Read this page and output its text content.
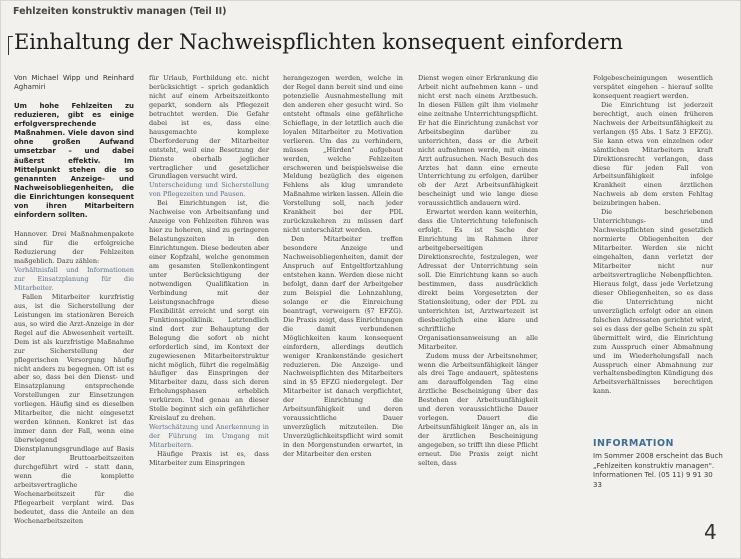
Fehlzeiten konstruktiv managen (Teil II)
Einhaltung der Nachweispflichten konsequent einfordern
Von Michael Wipp und Reinhard Aghamiri
Um hohe Fehlzeiten zu reduzieren, gibt es einige erfolgversprechende Maßnahmen. Viele davon sind ohne großen Aufwand umsetzbar – und dabei äußerst effektiv. Im Mittelpunkt stehen die so genannten Anzeige- und Nachweisobliegenheiten, die die Einrichtungen konsequent von ihren Mitarbeitern einfordern sollten.

Hannover. Drei Maßnahmenpakete sind für die erfolgreiche Reduzierung der Fehlzeiten maßgeblich. Dazu zählen:

Verhältnisfall und Informationen zur Einsatzplanung für die Mitarbeiter.

Fallen Mitarbeiter kurzfristig aus, ist die Sicherstellung der Leistungen im stationären Bereich aus, so wird die Arzt-Anzeige in der Regel auf die Abwesenheit verteilt. Dem ist als kurzfristige Maßnahme zur Sicherstellung der pflegerischen Versorgung häufig nicht anders zu begegnen. Oft ist es aber so, dass bei den Dienst- und Einsatzplanung entsprechende Vorstellungen zur Einsetzungen vorliegen. Häufig sind es dieselben Mitarbeiter, die nicht eingesetzt werden können. Konkret ist das immer dann der Fall, wenn eine überwiegend Dienstplanungsgrundlage auf Basis der Bruttoarbeitszeiten durchgeführt wird – statt dann, wenn die komplette arbeitsvertragliche Wochenarbeitszeit für die Pflegearbeit verplant wird. Das bedeutet, dass die Anteile an den Wochenarbeitszeiten

für Urlaub, Fortbildung etc. nicht berücksichtigt – sprich gedanklich nicht auf einem Arbeitszeitkonto geparkt, sondern als Pflegezeit betrachtet werden. Die Gefahr dabei ist es, dass eine hausgemachte komplexe Überforderung der Mitarbeiter entsteht, weil eine Besetzung der Dienste oberhalb jeglicher vertraglicher und gesetzlicher Grundlagen versucht wird.

Unterscheidung und Sicherstellung von Pflegezeiten und Pausen.

Bei Einrichtungen ist, die Nachweise von Arbeitsanfang und Anzeige von Fehlzeiten führen was hier zu hoheren, sind zu geringeren Belastungszeiten in den Einrichtungen. Diese bedeuten aber einer Kopfzahl, welche genommen am gesamten Stellenkontingent unter Berücksichtigung der notwendigen Qualifikation in Verbindung mit der Leistungsnachfrage diese Flexibilität erreicht und sorgt ein Funktionspoliklinik. Letztendlich sind dort zur Behauptung der Belegung die sofort ob nicht erforderlich sind, im Kontext der zugewiesenen Mitarbeiterstruktur nicht möglich, führt die regelmäßig häufiger das Einspringen der Mitarbeiter dazu, dass sich deren Erholungsphasen erheblich verkürzen. Und genau an dieser Stelle beginnt sich ein gefährlicher Kreislauf zu drehen.

Wertschätzung und Anerkennung in der Führung im Umgang mit Mitarbeitern.

Häufige Praxis ist es, dass Mitarbeiter zum Einspringen

herangezogen werden, welche in der Regel dann bereit sind und eine potenzielle Ausnahmestellung mit den anderen eher gesucht wird. So entsteht oftmals eine gefährliche Schieflage, in der letztlich auch die loyalen Mitarbeiter zu Motivation verlieren. Um das zu verhindern, müssen „Hürden" aufgebaut werden, welche Fehlzeiten erschweren und beispielsweise die Meldung bezüglich des eigenen Fehlens als klug umrandete Maßnahme wirken lassen. Allein die Vorstellung soll, nach jeder Krankheit bei der PDL zurückzukehren zu müssen darf nicht unterschätzt werden.

Den Mitarbeiter treffen besondere Anzeige und Nachweisobliegenheiten, damit der Anspruch auf Entgeltfortzahlung entstehen kann. Werden diese nicht befolgt, dann darf der Arbeitgeber zum Beispiel die Lohnzahlung, solange er die Einreichung beantragt, verweigern (§7 EFZG). Die Praxis zeigt, dass Einrichtungen die damit verbundenen Möglichkeiten kaum konsequent einfordern, allerdings deutlich weniger Krankenstände gesichert reduzieren. Die Anzeige- und Nachweispflichten des Mitarbeiters sind in §5 EFZG niedergelegt. Der Mitarbeiter ist danach verpflichtet, der Einrichtung die Arbeitsunfähigkeit und deren voraussichtliche Dauer unverzüglich mitzuteilen. Die Unverzüglichkeitspflicht wird somit in den Morgenstunden erwartet, in der Mitarbeiter den ersten

Dienst wegen einer Erkrankung die Arbeit nicht aufnehmen kann – und nicht erst nach einem Arztbesuch. In diesen Fällen gilt ihm vielmehr eine zeitnahe Unterrichtungspflicht. Er hat die Einrichtung zunächst vor Arbeitsbeginn darüber zu unterrichten, dass er die Arbeit nicht aufnehmen werde, mit einem Arzt aufzusuchen. Nach Besuch des Arztes hat dann eine erneute Unterrichtung zu erfolgen, darüber ob der Arzt Arbeitsunfähigkeit bescheinigt und wie lange diese voraussichtlich andauern wird.

Erwartet werden kann weiterhin, dass die Unterrichtung telefonisch erfolgt. Es ist Sache der Einrichtung im Rahmen ihrer arbeitgeberseitigen Direktionsrechte, festzulegen, wer Adressat der Unterrichtung sein soll. Die Einrichtung kann so auch bestimmen, dass ausdrücklich direkt beim Vorgesetzten der Stationsleitung, oder der PDL zu unterrichten ist, Arztwartezeit ist diesbezüglich eine klare und schriftliche Organisationsanweisung an alle Mitarbeiter.

Zudem muss der Arbeitsnehmer, wenn die Arbeitsunfähigkeit länger als drei Tage andauert, spätestens am darauffolgenden Tag eine ärztliche Bescheinigung über das Bestehen der Arbeitsunfähigkeit und deren voraussichtliche Dauer vorlegen. Dauert die Arbeitsunfähigkeit länger an, als in der ärztlichen Bescheinigung angegeben, so trifft ihn diese Pflicht erneut. Die Praxis zeigt nicht selten, dass

Folgebescheinigungen wesentlich verspätet eingehen – hierauf sollte konsequent reagiert werden.

Die Einrichtung ist jederzeit berechtigt, auch einen früheren Nachweis der Arbeitsunfähigkeit zu verlangen (§5 Abs. 1 Satz 3 EFZG). Sie kann etwa von einzelnen oder sämtlichen Mitarbeitern kraft Direktionsrecht verlangen, dass diese für jeden Fall von Arbeitsunfähigkeit infolge Krankheit einen ärztlichen Nachweis ab dem ersten Fehltag beizubringen haben.

Die beschriebenen Unterrichtungs- und Nachweispflichten sind gesetzlich normierte Obliegenheiten der Mitarbeiter. Werden sie nicht eingehalten, dann verletzt der Mitarbeiter nicht nur arbeitsvertragliche Nebenpflichten. Hieraus folgt, dass jede Verletzung dieser Obliegenheiten, so es dass die Unterrichtung nicht unverzüglich erfolgt oder an einen falschen Adressaten gerichtet wird, sei es dass der gelbe Schein zu spät übermittelt wird, die Einrichtung zum Ausspruch einer Abmahnung und im Wiederholungsfall nach Ausspruch einer Abmahnung zur verhaltensbedingten Kündigung des Arbeitsverhältnisses berechtigen kann.

INFORMATION
Im Sommer 2008 erscheint das Buch „Fehlzeiten konstruktiv managen". Informationen Tel. (05 11) 9 91 30 33
4
